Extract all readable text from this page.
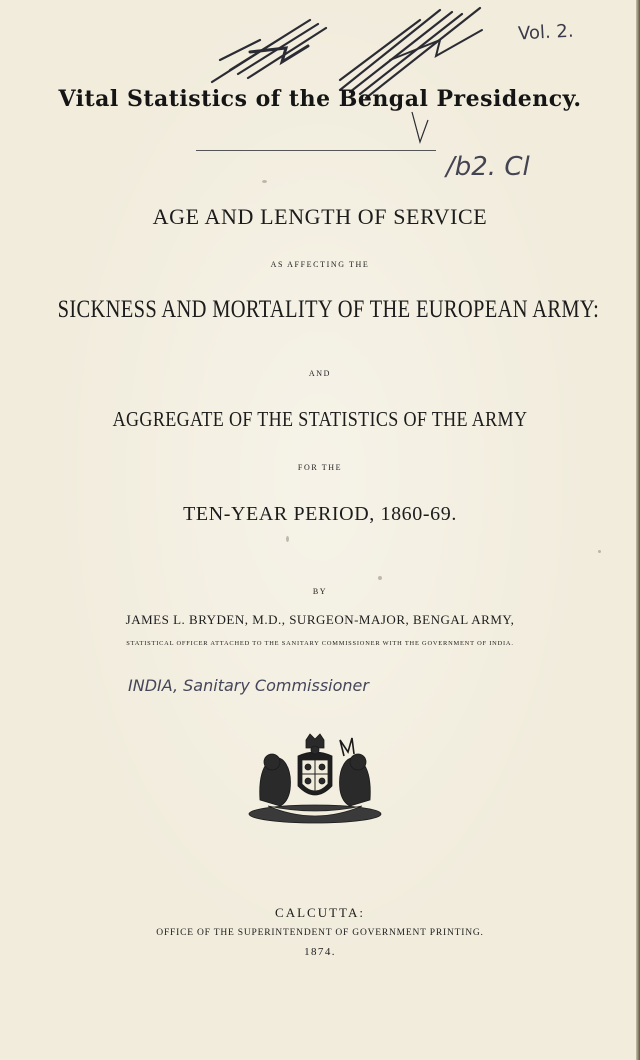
Vol. 2.
Vital Statistics of the Bengal Presidency.
/b2. Cl
AGE AND LENGTH OF SERVICE
AS AFFECTING THE
SICKNESS AND MORTALITY OF THE EUROPEAN ARMY:
AND
AGGREGATE OF THE STATISTICS OF THE ARMY
FOR THE
TEN-YEAR PERIOD, 1860-69.
BY
JAMES L. BRYDEN, M.D., SURGEON-MAJOR, BENGAL ARMY,
STATISTICAL OFFICER ATTACHED TO THE SANITARY COMMISSIONER WITH THE GOVERNMENT OF INDIA.
INDIA, Sanitary Commissioner
CALCUTTA:
OFFICE OF THE SUPERINTENDENT OF GOVERNMENT PRINTING.
1874.
